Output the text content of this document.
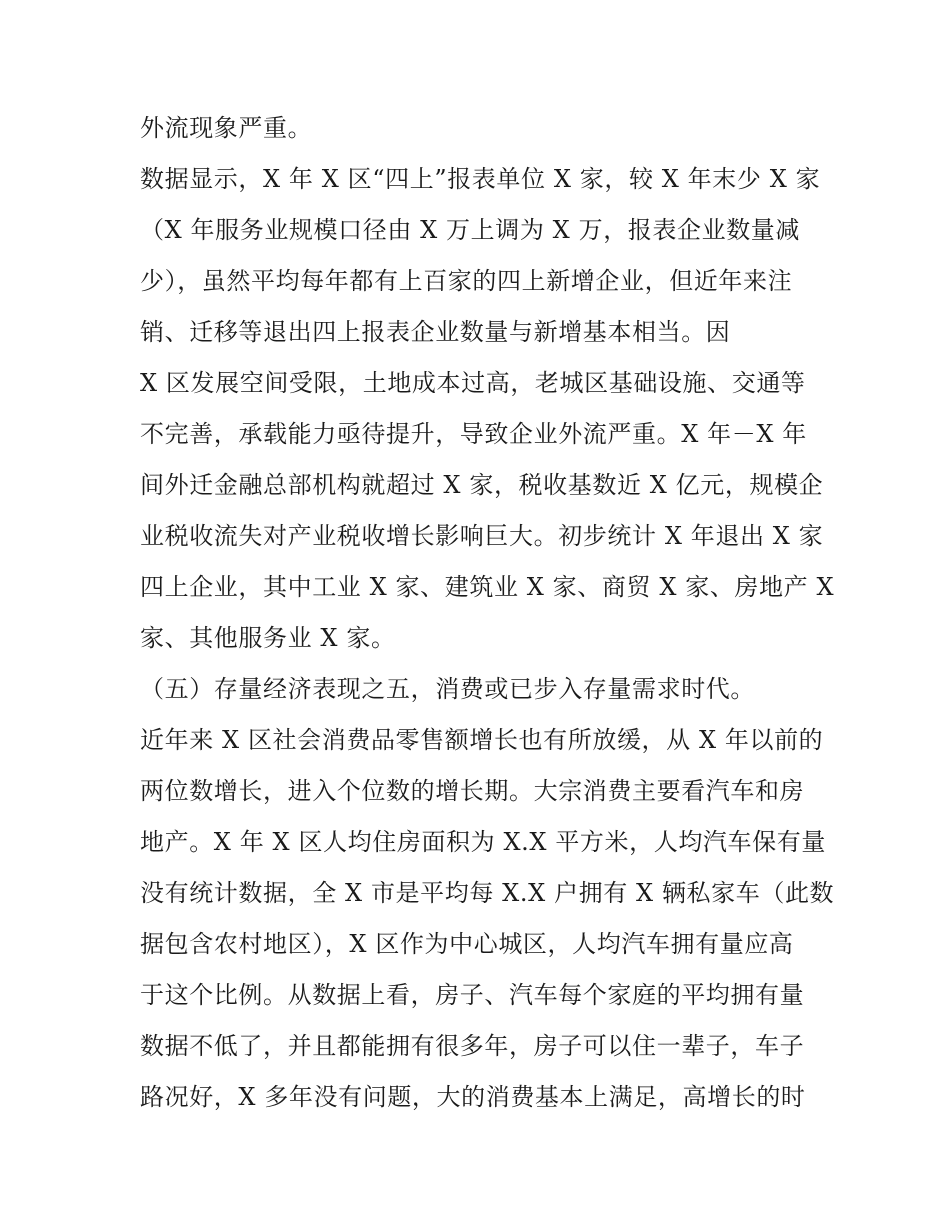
外流现象严重。
数据显示，X 年 X 区“四上”报表单位 X 家，较 X 年末少 X 家
（X 年服务业规模口径由 X 万上调为 X 万，报表企业数量减
少），虽然平均每年都有上百家的四上新增企业，但近年来注
销、迁移等退出四上报表企业数量与新增基本相当。因
X 区发展空间受限，土地成本过高，老城区基础设施、交通等
不完善，承载能力亟待提升，导致企业外流严重。X 年－X 年
间外迁金融总部机构就超过 X 家，税收基数近 X 亿元，规模企
业税收流失对产业税收增长影响巨大。初步统计 X 年退出 X 家
四上企业，其中工业 X 家、建筑业 X 家、商贸 X 家、房地产 X
家、其他服务业 X 家。
（五）存量经济表现之五，消费或已步入存量需求时代。
近年来 X 区社会消费品零售额增长也有所放缓，从 X 年以前的
两位数增长，进入个位数的增长期。大宗消费主要看汽车和房
地产。X 年 X 区人均住房面积为 X.X 平方米，人均汽车保有量
没有统计数据，全 X 市是平均每 X.X 户拥有 X 辆私家车（此数
据包含农村地区），X 区作为中心城区，人均汽车拥有量应高
于这个比例。从数据上看，房子、汽车每个家庭的平均拥有量
数据不低了，并且都能拥有很多年，房子可以住一辈子，车子
路况好，X 多年没有问题，大的消费基本上满足，高增长的时
